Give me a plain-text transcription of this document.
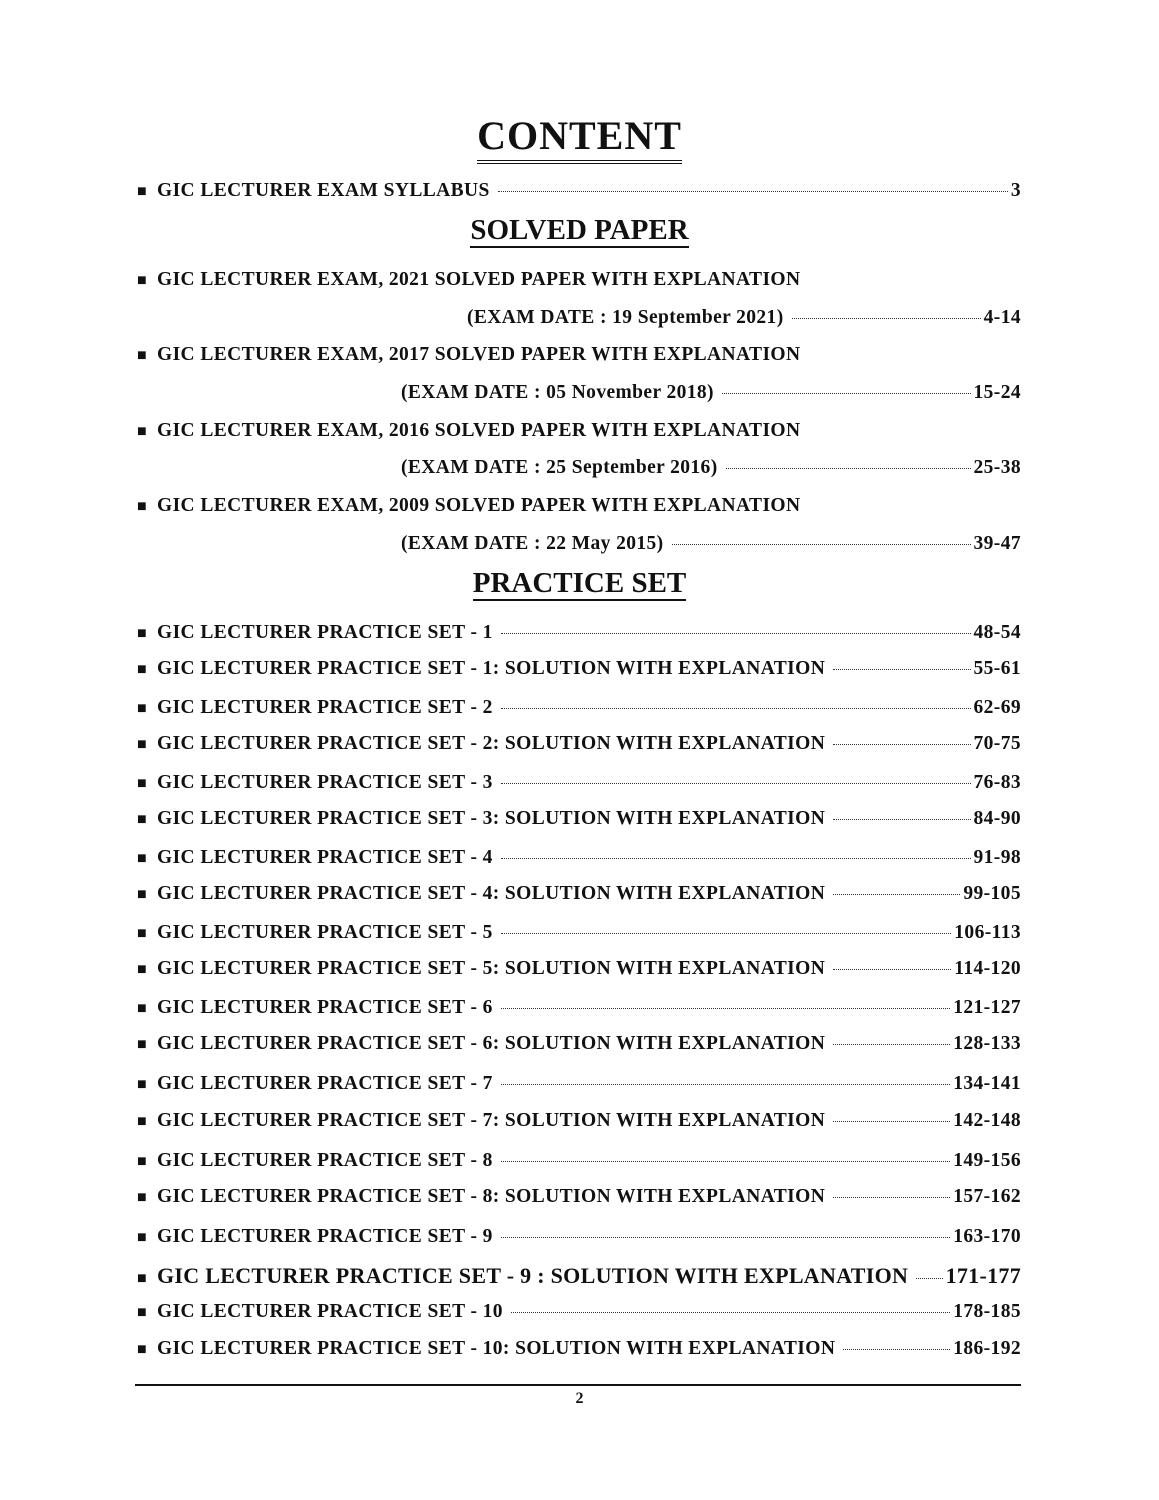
CONTENT
■ GIC LECTURER EXAM SYLLABUS	3
SOLVED PAPER
■ GIC LECTURER EXAM, 2021 SOLVED PAPER WITH EXPLANATION
(EXAM DATE : 19 September 2021)	4-14
■ GIC LECTURER EXAM, 2017 SOLVED PAPER WITH EXPLANATION
(EXAM DATE : 05 November 2018)	15-24
■ GIC LECTURER EXAM, 2016 SOLVED PAPER WITH EXPLANATION
(EXAM DATE : 25 September 2016)	25-38
■ GIC LECTURER EXAM, 2009 SOLVED PAPER WITH EXPLANATION
(EXAM DATE : 22 May 2015)	39-47
PRACTICE SET
■ GIC LECTURER PRACTICE SET - 1	48-54
■ GIC LECTURER PRACTICE SET - 1: SOLUTION WITH EXPLANATION	55-61
■ GIC LECTURER PRACTICE SET - 2	62-69
■ GIC LECTURER PRACTICE SET - 2: SOLUTION WITH EXPLANATION	70-75
■ GIC LECTURER PRACTICE SET - 3	76-83
■ GIC LECTURER PRACTICE SET - 3: SOLUTION WITH EXPLANATION	84-90
■ GIC LECTURER PRACTICE SET - 4	91-98
■ GIC LECTURER PRACTICE SET - 4: SOLUTION WITH EXPLANATION	99-105
■ GIC LECTURER PRACTICE SET - 5	106-113
■ GIC LECTURER PRACTICE SET - 5: SOLUTION WITH EXPLANATION	114-120
■ GIC LECTURER PRACTICE SET - 6	121-127
■ GIC LECTURER PRACTICE SET - 6: SOLUTION WITH EXPLANATION	128-133
■ GIC LECTURER PRACTICE SET - 7	134-141
■ GIC LECTURER PRACTICE SET - 7: SOLUTION WITH EXPLANATION	142-148
■ GIC LECTURER PRACTICE SET - 8	149-156
■ GIC LECTURER PRACTICE SET - 8: SOLUTION WITH EXPLANATION	157-162
■ GIC LECTURER PRACTICE SET - 9	163-170
■ GIC LECTURER PRACTICE SET - 9 : SOLUTION WITH EXPLANATION 171-177
■ GIC LECTURER PRACTICE SET - 10	178-185
■ GIC LECTURER PRACTICE SET - 10: SOLUTION WITH EXPLANATION	186-192
2
